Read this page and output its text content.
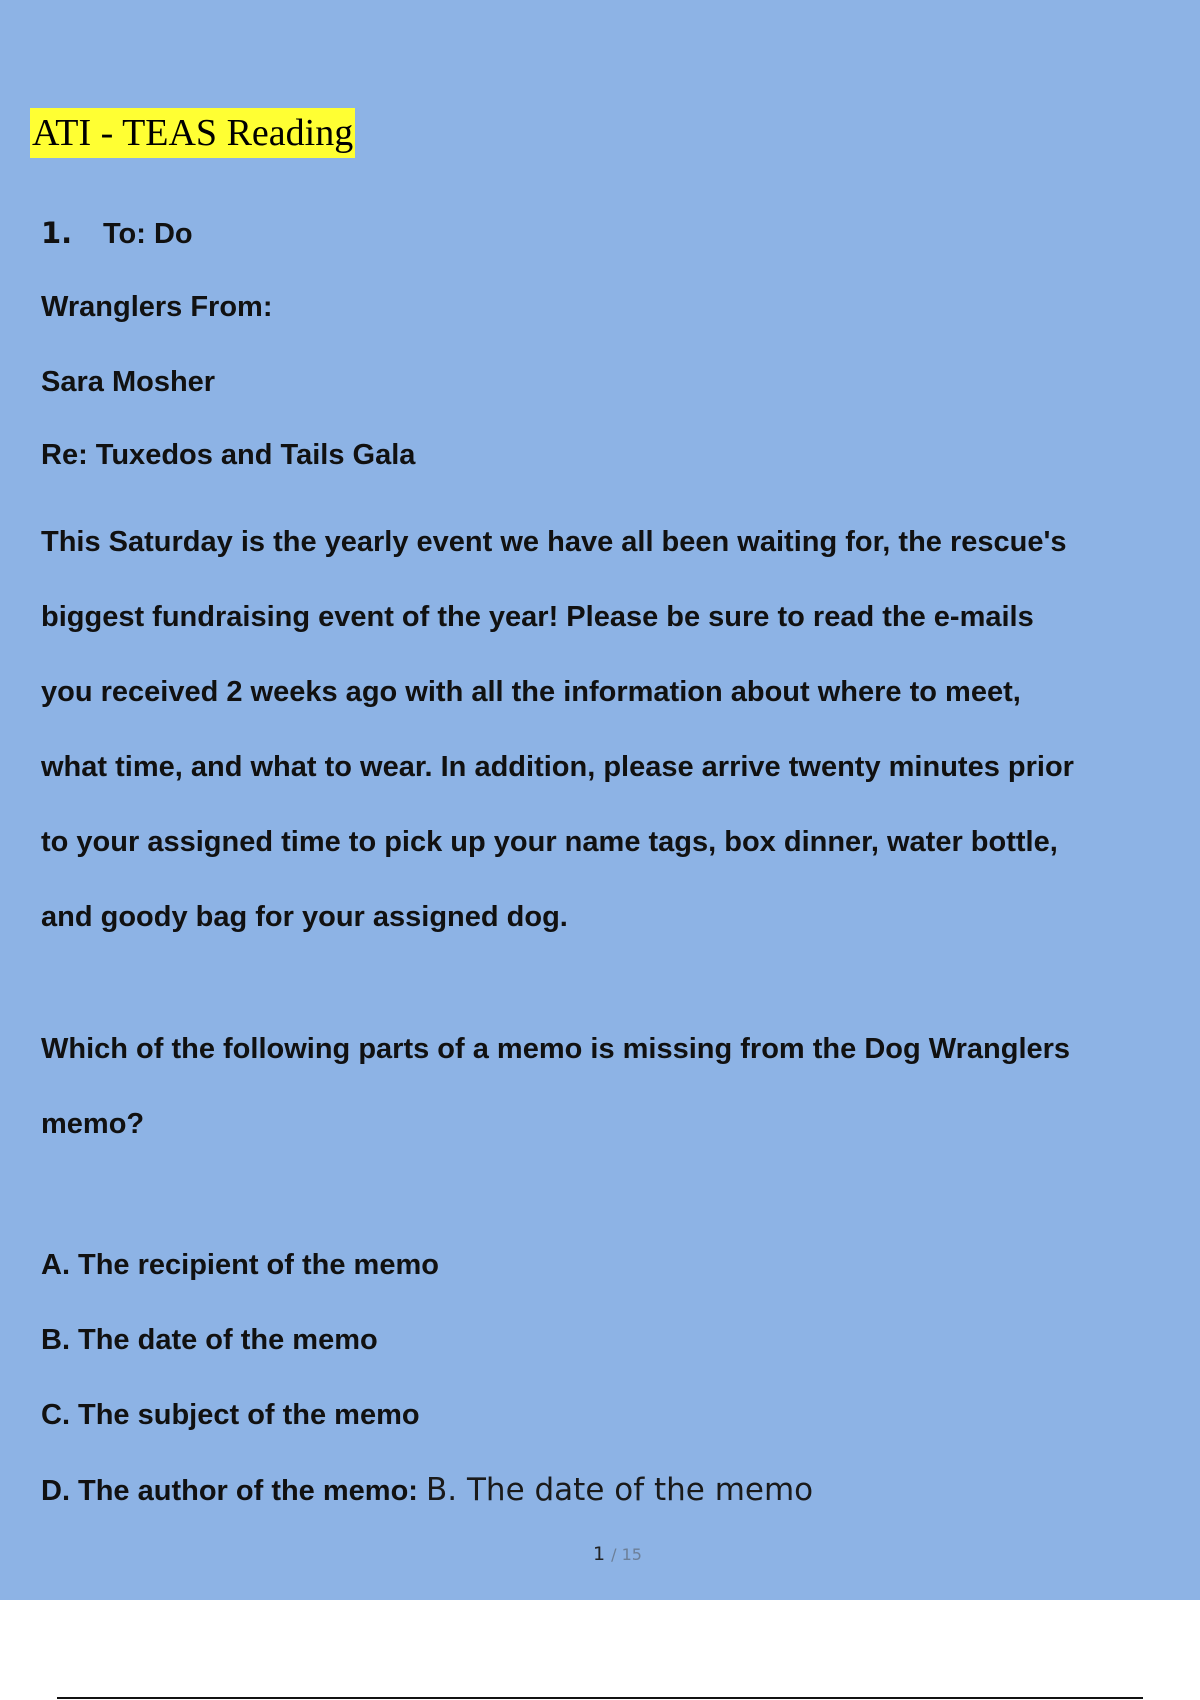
ATI - TEAS Reading
1. To: Do
Wranglers From:
Sara Mosher
Re: Tuxedos and Tails Gala
This Saturday is the yearly event we have all been waiting for, the rescue's
biggest fundraising event of the year! Please be sure to read the e-mails
you received 2 weeks ago with all the information about where to meet,
what time, and what to wear. In addition, please arrive twenty minutes prior
to your assigned time to pick up your name tags, box dinner, water bottle,
and goody bag for your assigned dog.
Which of the following parts of a memo is missing from the Dog Wranglers
memo?
A. The recipient of the memo
B. The date of the memo
C. The subject of the memo
D. The author of the memo: B. The date of the memo
1 / 15
